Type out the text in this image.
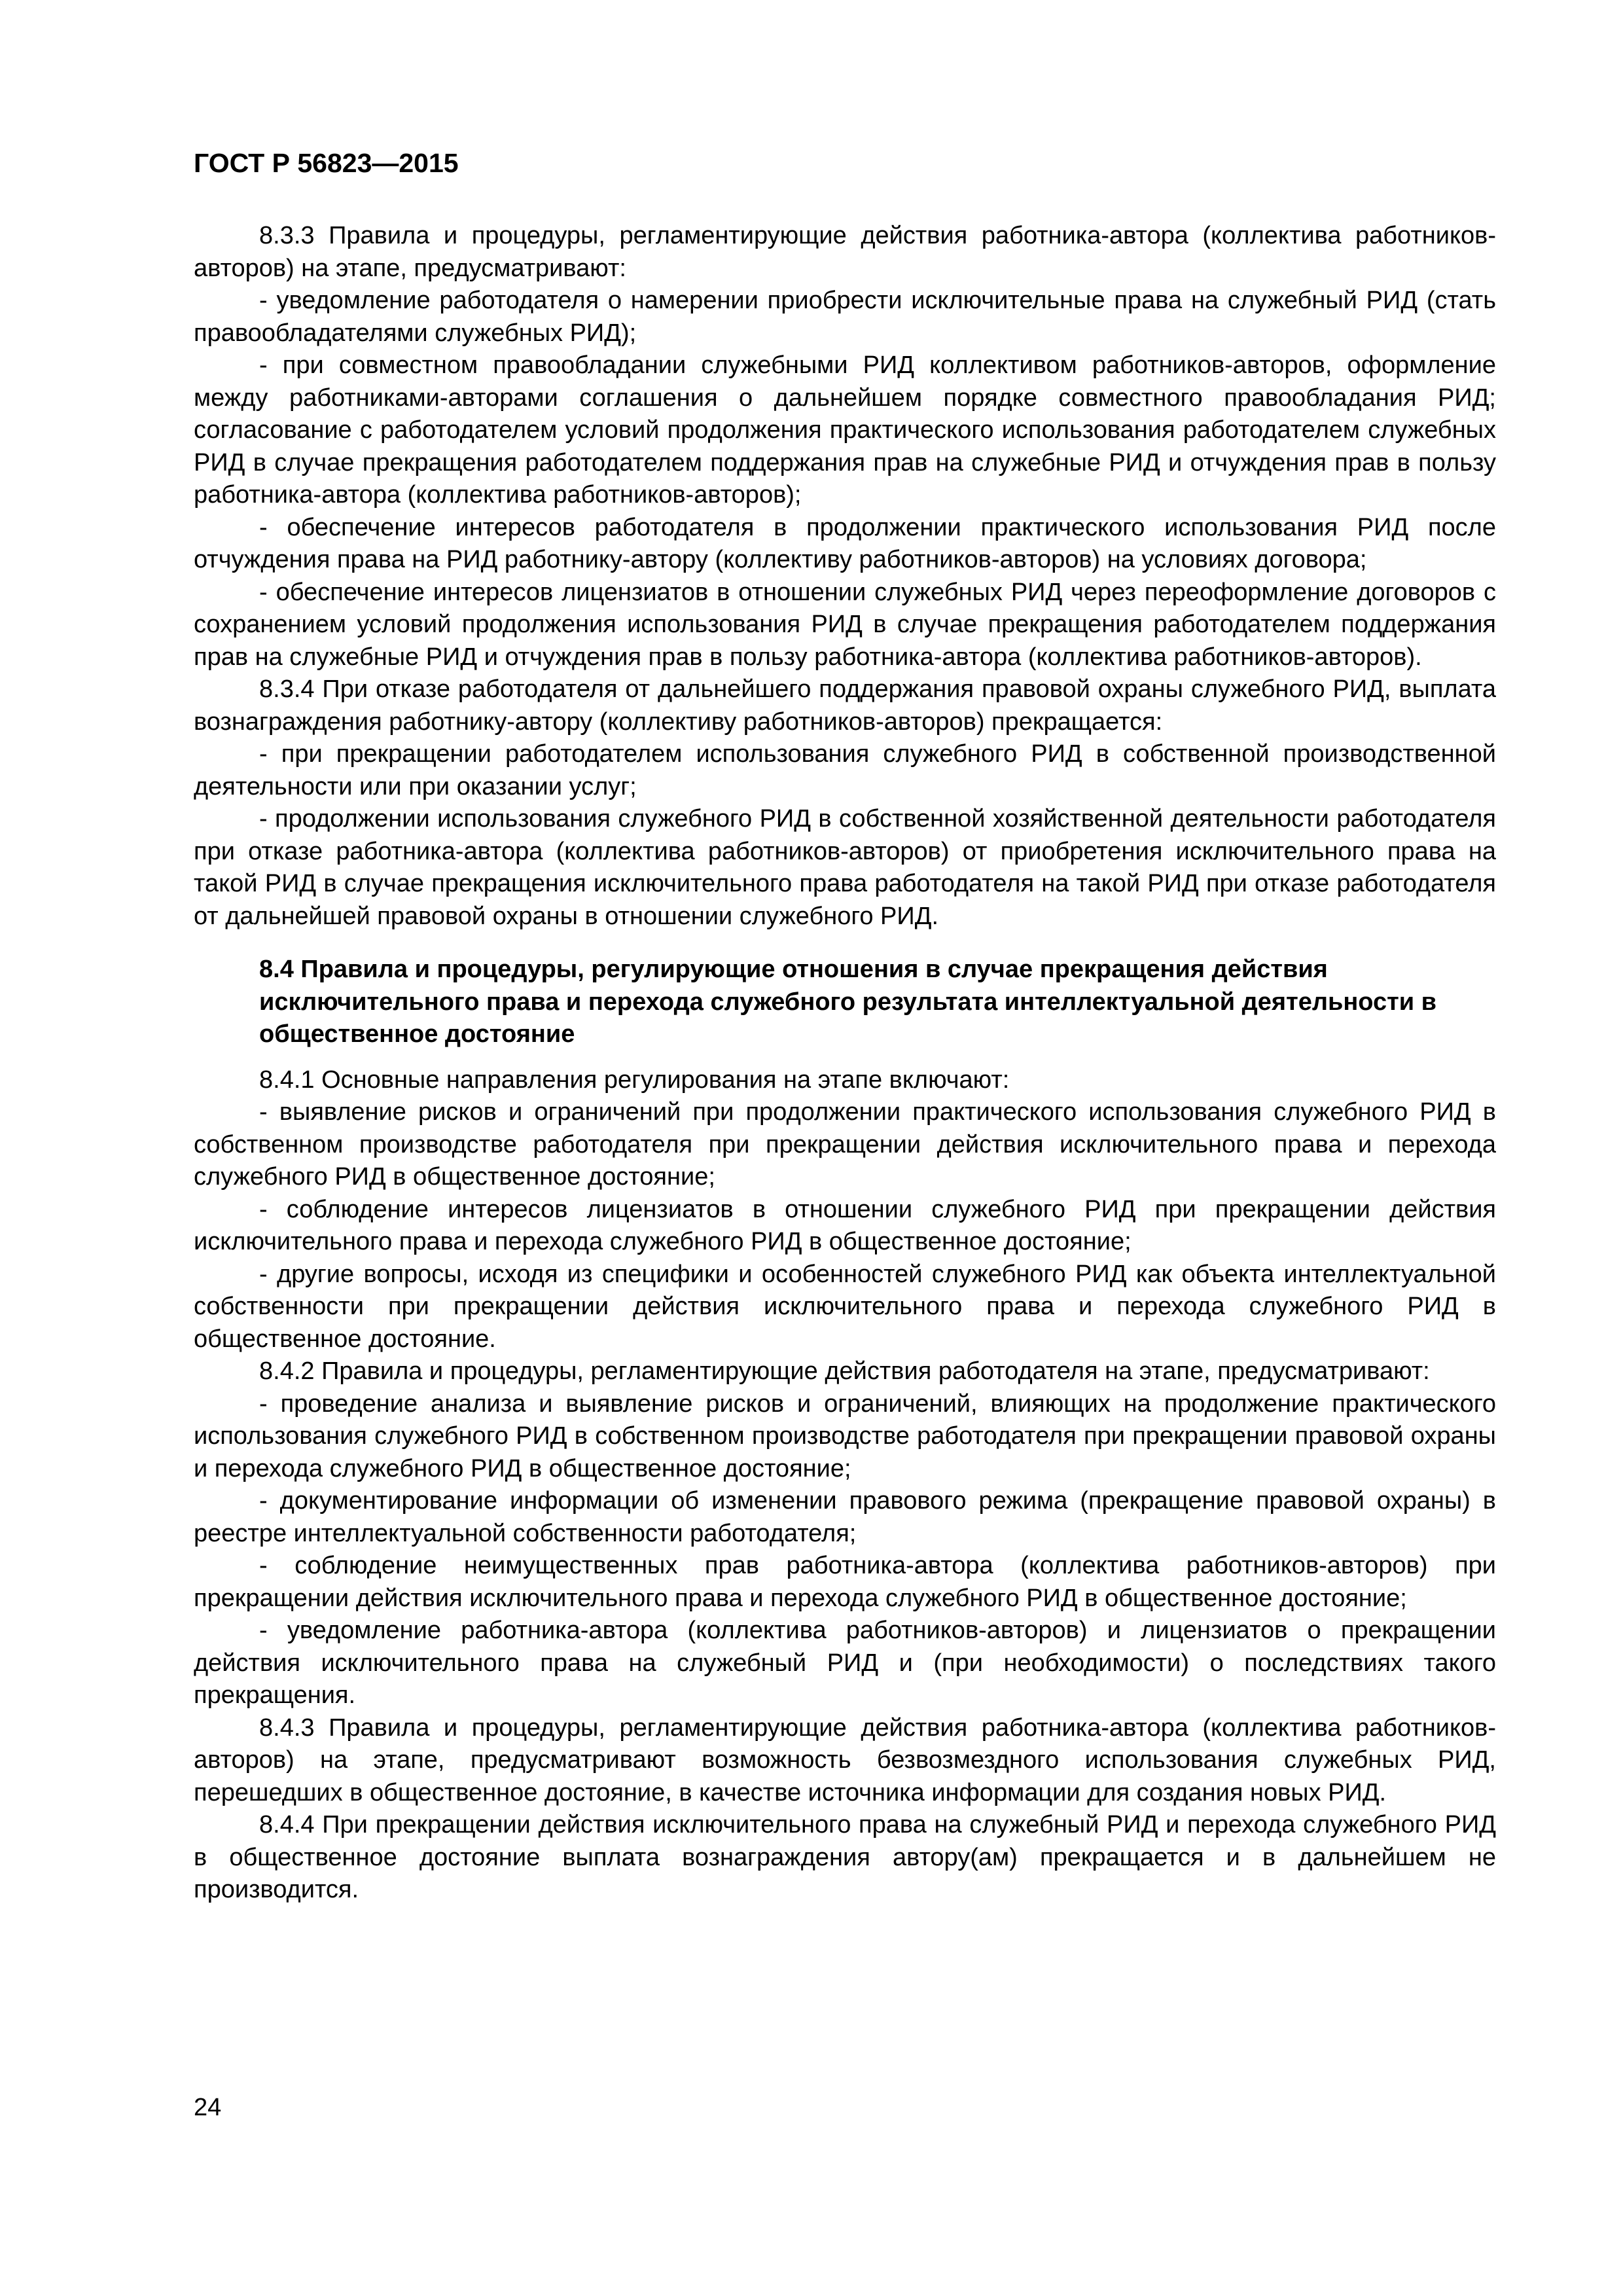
ГОСТ Р 56823—2015

8.3.3 Правила и процедуры, регламентирующие действия работника-автора (коллектива работников-авторов) на этапе, предусматривают:

- уведомление работодателя о намерении приобрести исключительные права на служебный РИД (стать правообладателями служебных РИД);

- при совместном правообладании служебными РИД коллективом работников-авторов, оформление между работниками-авторами соглашения о дальнейшем порядке совместного правообладания РИД; согласование с работодателем условий продолжения практического использования работодателем служебных РИД в случае прекращения работодателем поддержания прав на служебные РИД и отчуждения прав в пользу работника-автора (коллектива работников-авторов);

- обеспечение интересов работодателя в продолжении практического использования РИД после отчуждения права на РИД работнику-автору (коллективу работников-авторов) на условиях договора;

- обеспечение интересов лицензиатов в отношении служебных РИД через переоформление договоров с сохранением условий продолжения использования РИД в случае прекращения работодателем поддержания прав на служебные РИД и отчуждения прав в пользу работника-автора (коллектива работников-авторов).

8.3.4 При отказе работодателя от дальнейшего поддержания правовой охраны служебного РИД, выплата вознаграждения работнику-автору (коллективу работников-авторов) прекращается:

- при прекращении работодателем использования служебного РИД в собственной производственной деятельности или при оказании услуг;

- продолжении использования служебного РИД в собственной хозяйственной деятельности работодателя при отказе работника-автора (коллектива работников-авторов) от приобретения исключительного права на такой РИД в случае прекращения исключительного права работодателя на такой РИД при отказе работодателя от дальнейшей правовой охраны в отношении служебного РИД.

8.4 Правила и процедуры, регулирующие отношения в случае прекращения действия исключительного права и перехода служебного результата интеллектуальной деятельности в общественное достояние

8.4.1 Основные направления регулирования на этапе включают:

- выявление рисков и ограничений при продолжении практического использования служебного РИД в собственном производстве работодателя при прекращении действия исключительного права и перехода служебного РИД в общественное достояние;

- соблюдение интересов лицензиатов в отношении служебного РИД при прекращении действия исключительного права и перехода служебного РИД в общественное достояние;

- другие вопросы, исходя из специфики и особенностей служебного РИД как объекта интеллектуальной собственности при прекращении действия исключительного права и перехода служебного РИД в общественное достояние.

8.4.2 Правила и процедуры, регламентирующие действия работодателя на этапе, предусматривают:

- проведение анализа и выявление рисков и ограничений, влияющих на продолжение практического использования служебного РИД в собственном производстве работодателя при прекращении правовой охраны и перехода служебного РИД в общественное достояние;

- документирование информации об изменении правового режима (прекращение правовой охраны) в реестре интеллектуальной собственности работодателя;

- соблюдение неимущественных прав работника-автора (коллектива работников-авторов) при прекращении действия исключительного права и перехода служебного РИД в общественное достояние;

- уведомление работника-автора (коллектива работников-авторов) и лицензиатов о прекращении действия исключительного права на служебный РИД и (при необходимости) о последствиях такого прекращения.

8.4.3 Правила и процедуры, регламентирующие действия работника-автора (коллектива работников-авторов) на этапе, предусматривают возможность безвозмездного использования служебных РИД, перешедших в общественное достояние, в качестве источника информации для создания новых РИД.

8.4.4 При прекращении действия исключительного права на служебный РИД и перехода служебного РИД в общественное достояние выплата вознаграждения автору(ам) прекращается и в дальнейшем не производится.

24
